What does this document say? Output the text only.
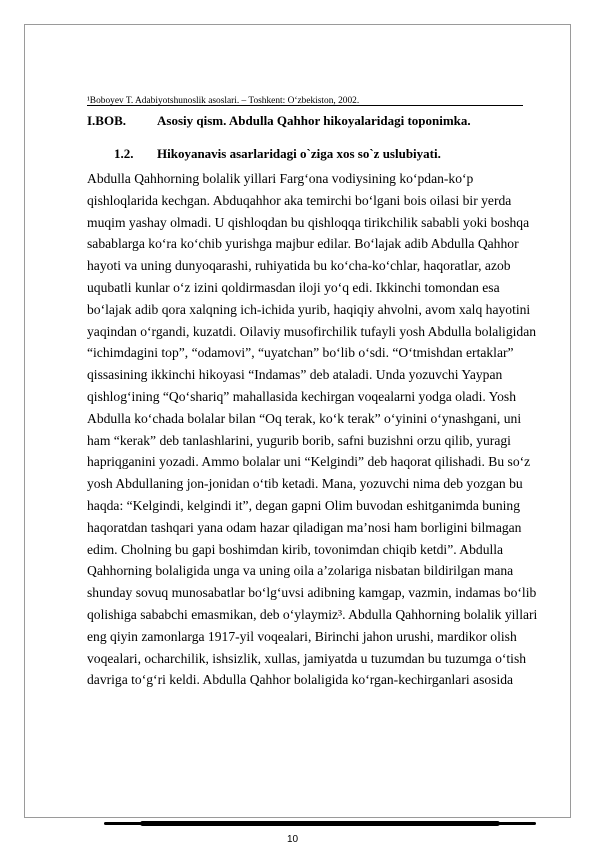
¹Boboyev T. Adabiyotshunoslik asoslari. – Toshkent: O‘zbekiston, 2002.
I.BOB. Asosiy qism. Abdulla Qahhor hikoyalaridagi toponimka.
1.2. Hikoyanavis asarlaridagi o`ziga xos so`z uslubiyati.
Abdulla Qahhorning bolalik yillari Farg‘ona vodiysining ko‘pdan-ko‘p
qishloqlarida kechgan. Abduqahhor aka temirchi bo‘lgani bois oilasi bir yerda
muqim yashay olmadi. U qishloqdan bu qishloqqa tirikchilik sababli yoki boshqa
sabablarga ko‘ra ko‘chib yurishga majbur edilar. Bo‘lajak adib Abdulla Qahhor
hayoti va uning dunyoqarashi, ruhiyatida bu ko‘cha-ko‘chlar, haqoratlar, azob
uqubatli kunlar o‘z izini qoldirmasdan iloji yo‘q edi. Ikkinchi tomondan esa
bo‘lajak adib qora xalqning ich-ichida yurib, haqiqiy ahvolni, avom xalq hayotini
yaqindan o‘rgandi, kuzatdi. Oilaviy musofirchilik tufayli yosh Abdulla bolaligidan
“ichimdagini top”, “odamovi”, “uyatchan” bo‘lib o‘sdi. “O‘tmishdan ertaklar”
qissasining ikkinchi hikoyasi “Indamas” deb ataladi. Unda yozuvchi Yaypan
qishlog‘ining “Qo‘shariq” mahallasida kechirgan voqealarni yodga oladi. Yosh
Abdulla ko‘chada bolalar bilan “Oq terak, ko‘k terak” o‘yinini o‘ynashgani, uni
ham “kerak” deb tanlashlarini, yugurib borib, safni buzishni orzu qilib, yuragi
hapriqganini yozadi. Ammo bolalar uni “Kelgindi” deb haqorat qilishadi. Bu so‘z
yosh Abdullaning jon-jonidan o‘tib ketadi. Mana, yozuvchi nima deb yozgan bu
haqda: “Kelgindi, kelgindi it”, degan gapni Olim buvodan eshitganimda buning
haqoratdan tashqari yana odam hazar qiladigan ma’nosi ham borligini bilmagan
edim. Cholning bu gapi boshimdan kirib, tovonimdan chiqib ketdi”. Abdulla
Qahhorning bolaligida unga va uning oila a’zolariga nisbatan bildirilgan mana
shunday sovuq munosabatlar bo‘lg‘uvsi adibning kamgap, vazmin, indamas bo‘lib
qolishiga sababchi emasmikan, deb o‘ylaymiz³. Abdulla Qahhorning bolalik yillari
eng qiyin zamonlarga 1917-yil voqealari, Birinchi jahon urushi, mardikor olish
voqealari, ocharchilik, ishsizlik, xullas, jamiyatda u tuzumdan bu tuzumga o‘tish
davriga to‘g‘ri keldi. Abdulla Qahhor bolaligida ko‘rgan-kechirganlari asosida
10
